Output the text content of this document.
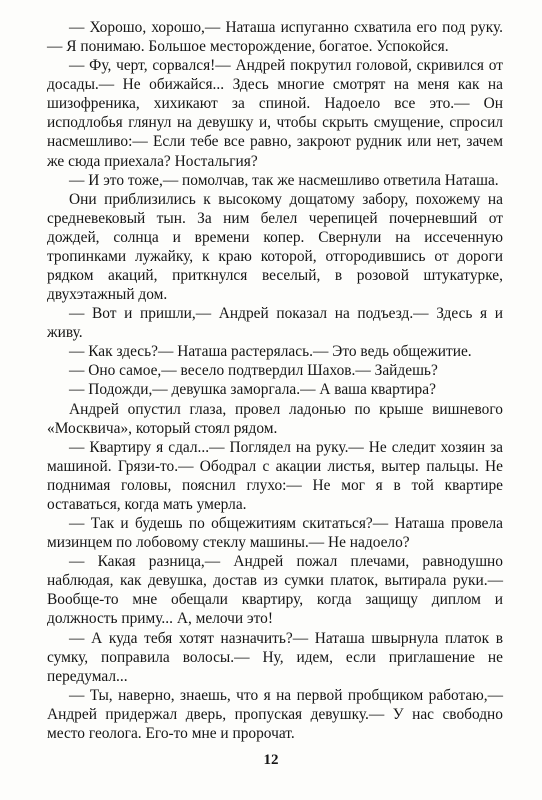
— Хорошо, хорошо,— Наташа испуганно схватила его под руку.— Я понимаю. Большое месторождение, богатое. Успокойся.

— Фу, черт, сорвался!— Андрей покрутил головой, скривился от досады.— Не обижайся... Здесь многие смотрят на меня как на шизофреника, хихикают за спиной. Надоело все это.— Он исподлобья глянул на девушку и, чтобы скрыть смущение, спросил насмешливо:— Если тебе все равно, закроют рудник или нет, зачем же сюда приехала? Ностальгия?

— И это тоже,— помолчав, так же насмешливо ответила Наташа.

Они приблизились к высокому дощатому забору, похожему на средневековый тын. За ним белел черепицей почерневший от дождей, солнца и времени копер. Свернули на иссеченную тропинками лужайку, к краю которой, отгородившись от дороги рядком акаций, приткнулся веселый, в розовой штукатурке, двухэтажный дом.

— Вот и пришли,— Андрей показал на подъезд.— Здесь я и живу.

— Как здесь?— Наташа растерялась.— Это ведь общежитие.

— Оно самое,— весело подтвердил Шахов.— Зайдешь?

— Подожди,— девушка заморгала.— А ваша квартира?

Андрей опустил глаза, провел ладонью по крыше вишневого «Москвича», который стоял рядом.

— Квартиру я сдал...— Поглядел на руку.— Не следит хозяин за машиной. Грязи-то.— Ободрал с акации листья, вытер пальцы. Не поднимая головы, пояснил глухо:— Не мог я в той квартире оставаться, когда мать умерла.

— Так и будешь по общежитиям скитаться?— Наташа провела мизинцем по лобовому стеклу машины.— Не надоело?

— Какая разница,— Андрей пожал плечами, равнодушно наблюдая, как девушка, достав из сумки платок, вытирала руки.— Вообще-то мне обещали квартиру, когда защищу диплом и должность приму... А, мелочи это!

— А куда тебя хотят назначить?— Наташа швырнула платок в сумку, поправила волосы.— Ну, идем, если приглашение не передумал...

— Ты, наверно, знаешь, что я на первой пробщиком работаю,— Андрей придержал дверь, пропуская девушку.— У нас свободно место геолога. Его-то мне и пророчат.

12
